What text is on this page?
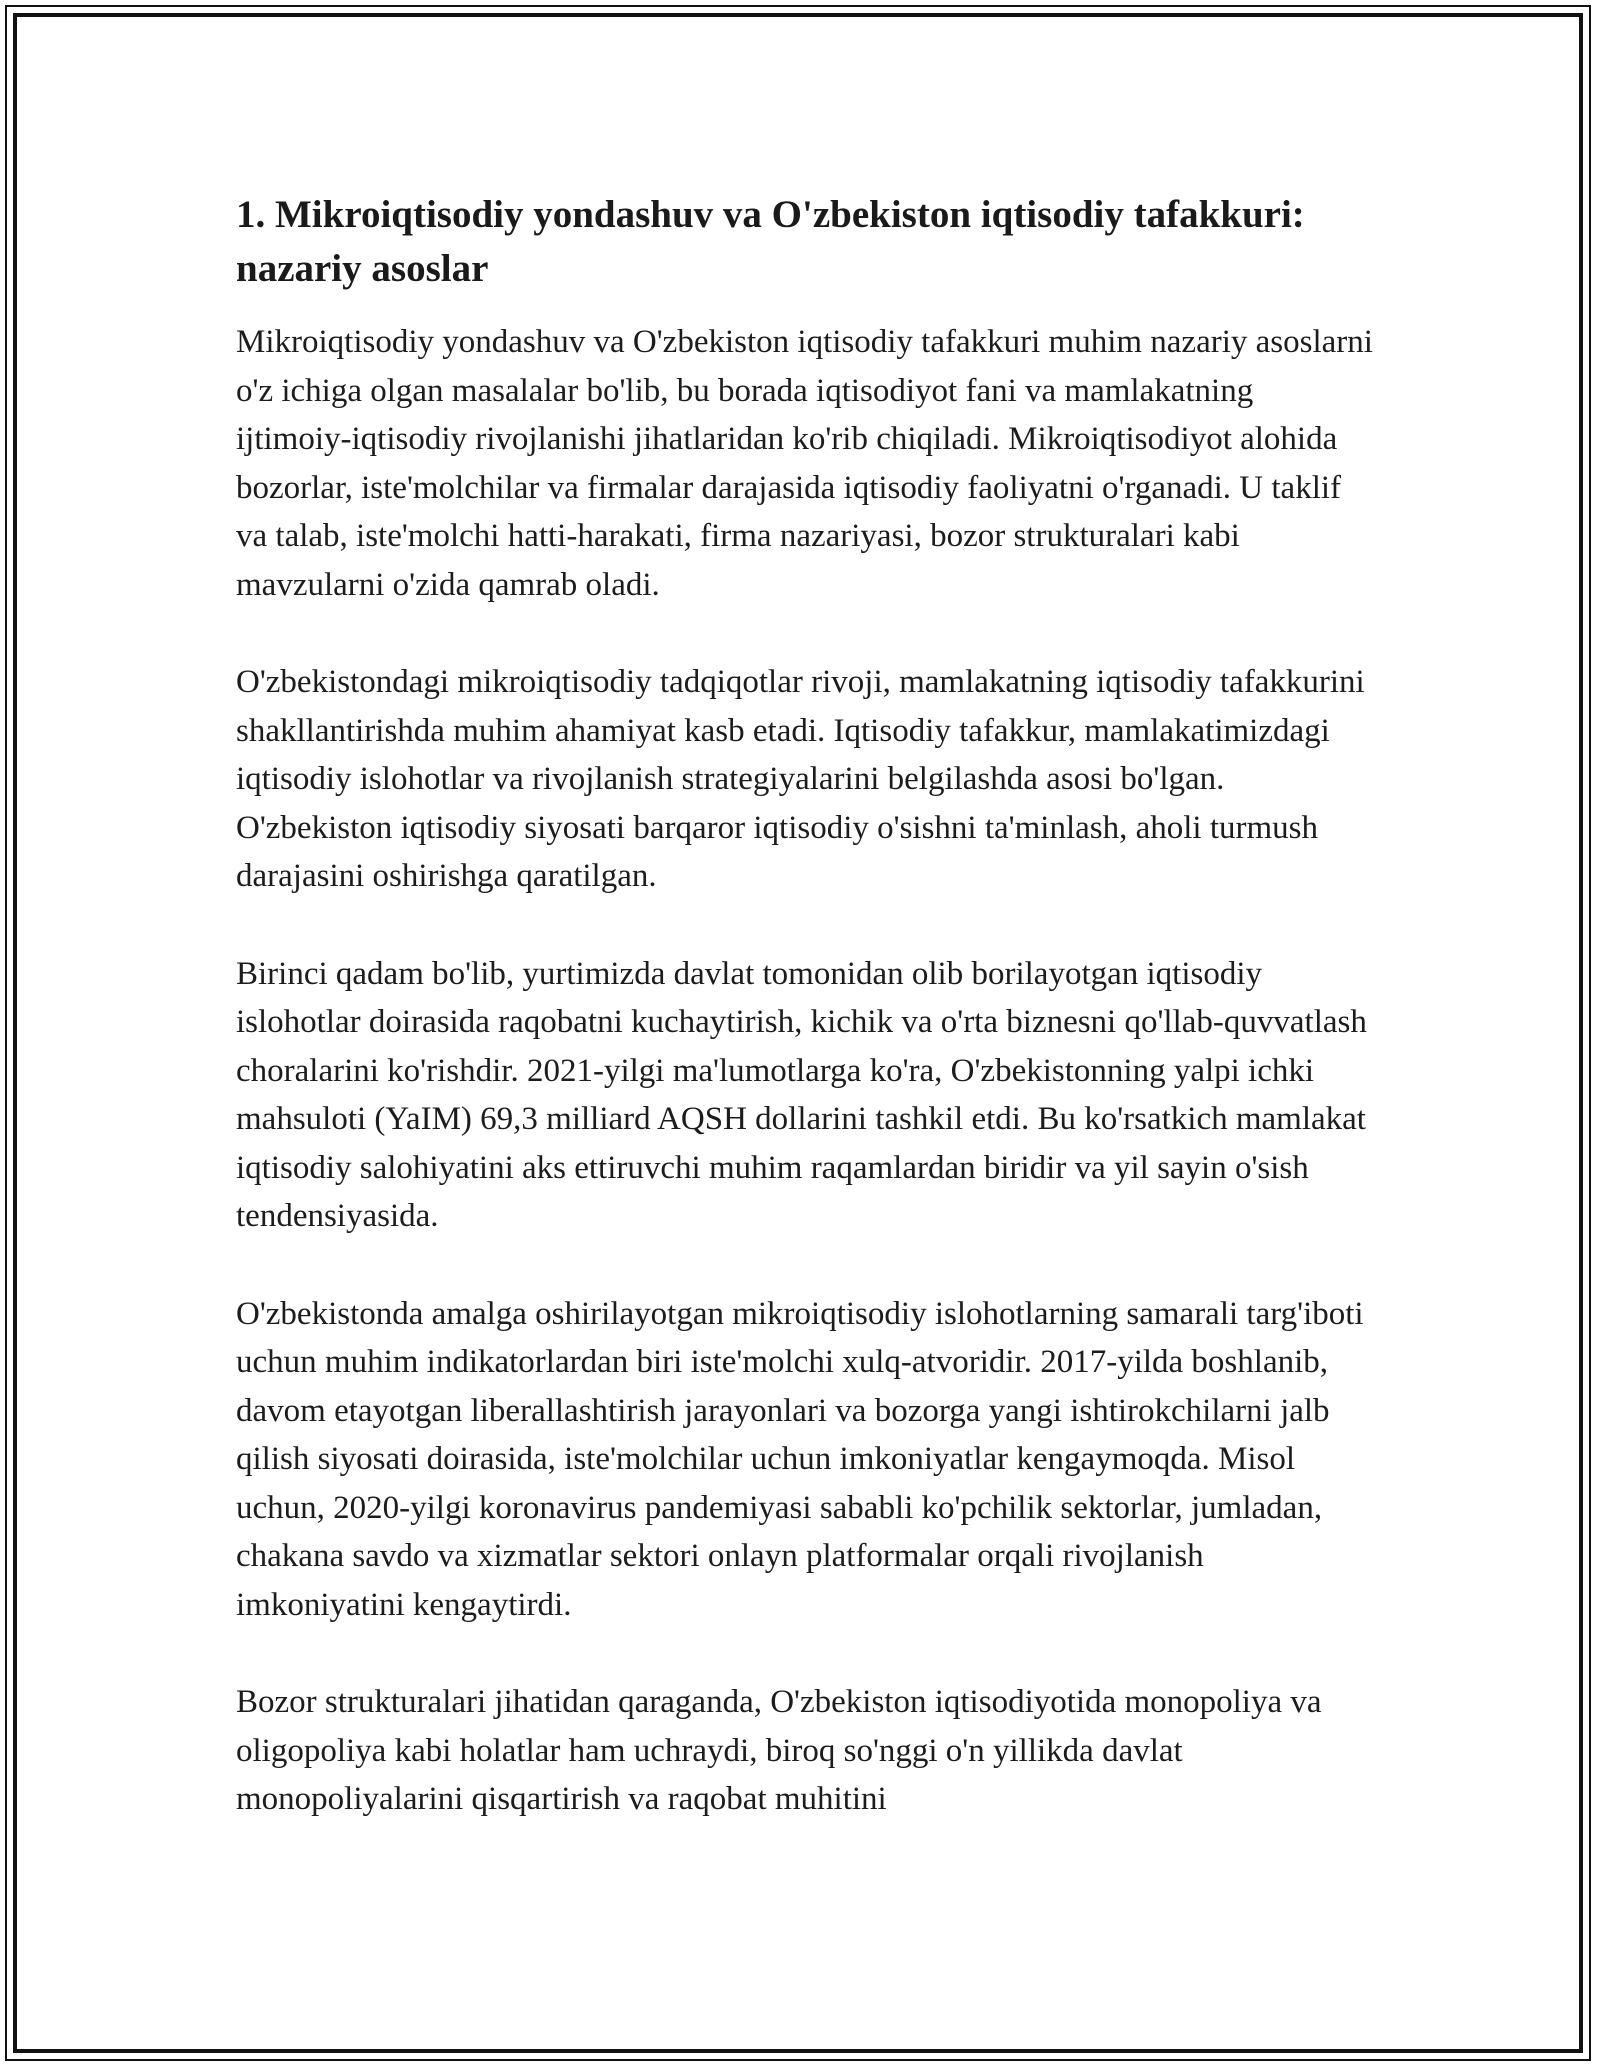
1. Mikroiqtisodiy yondashuv va O'zbekiston iqtisodiy tafakkuri: nazariy asoslar

Mikroiqtisodiy yondashuv va O'zbekiston iqtisodiy tafakkuri muhim nazariy asoslarni o'z ichiga olgan masalalar bo'lib, bu borada iqtisodiyot fani va mamlakatning ijtimoiy-iqtisodiy rivojlanishi jihatlaridan ko'rib chiqiladi. Mikroiqtisodiyot alohida bozorlar, iste'molchilar va firmalar darajasida iqtisodiy faoliyatni o'rganadi. U taklif va talab, iste'molchi hatti-harakati, firma nazariyasi, bozor strukturalari kabi mavzularni o'zida qamrab oladi.

O'zbekistondagi mikroiqtisodiy tadqiqotlar rivoji, mamlakatning iqtisodiy tafakkurini shakllantirishda muhim ahamiyat kasb etadi. Iqtisodiy tafakkur, mamlakatimizdagi iqtisodiy islohotlar va rivojlanish strategiyalarini belgilashda asosi bo'lgan. O'zbekiston iqtisodiy siyosati barqaror iqtisodiy o'sishni ta'minlash, aholi turmush darajasini oshirishga qaratilgan.

Birinci qadam bo'lib, yurtimizda davlat tomonidan olib borilayotgan iqtisodiy islohotlar doirasida raqobatni kuchaytirish, kichik va o'rta biznesni qo'llab-quvvatlash choralarini ko'rishdir. 2021-yilgi ma'lumotlarga ko'ra, O'zbekistonning yalpi ichki mahsuloti (YaIM) 69,3 milliard AQSH dollarini tashkil etdi. Bu ko'rsatkich mamlakat iqtisodiy salohiyatini aks ettiruvchi muhim raqamlardan biridir va yil sayin o'sish tendensiyasida.

O'zbekistonda amalga oshirilayotgan mikroiqtisodiy islohotlarning samarali targ'iboti uchun muhim indikatorlardan biri iste'molchi xulq-atvoridir. 2017-yilda boshlanib, davom etayotgan liberallashtirish jarayonlari va bozorga yangi ishtirokchilarni jalb qilish siyosati doirasida, iste'molchilar uchun imkoniyatlar kengaymoqda. Misol uchun, 2020-yilgi koronavirus pandemiyasi sababli ko'pchilik sektorlar, jumladan, chakana savdo va xizmatlar sektori onlayn platformalar orqali rivojlanish imkoniyatini kengaytirdi.

Bozor strukturalari jihatidan qaraganda, O'zbekiston iqtisodiyotida monopoliya va oligopoliya kabi holatlar ham uchraydi, biroq so'nggi o'n yillikda davlat monopoliyalarini qisqartirish va raqobat muhitini
